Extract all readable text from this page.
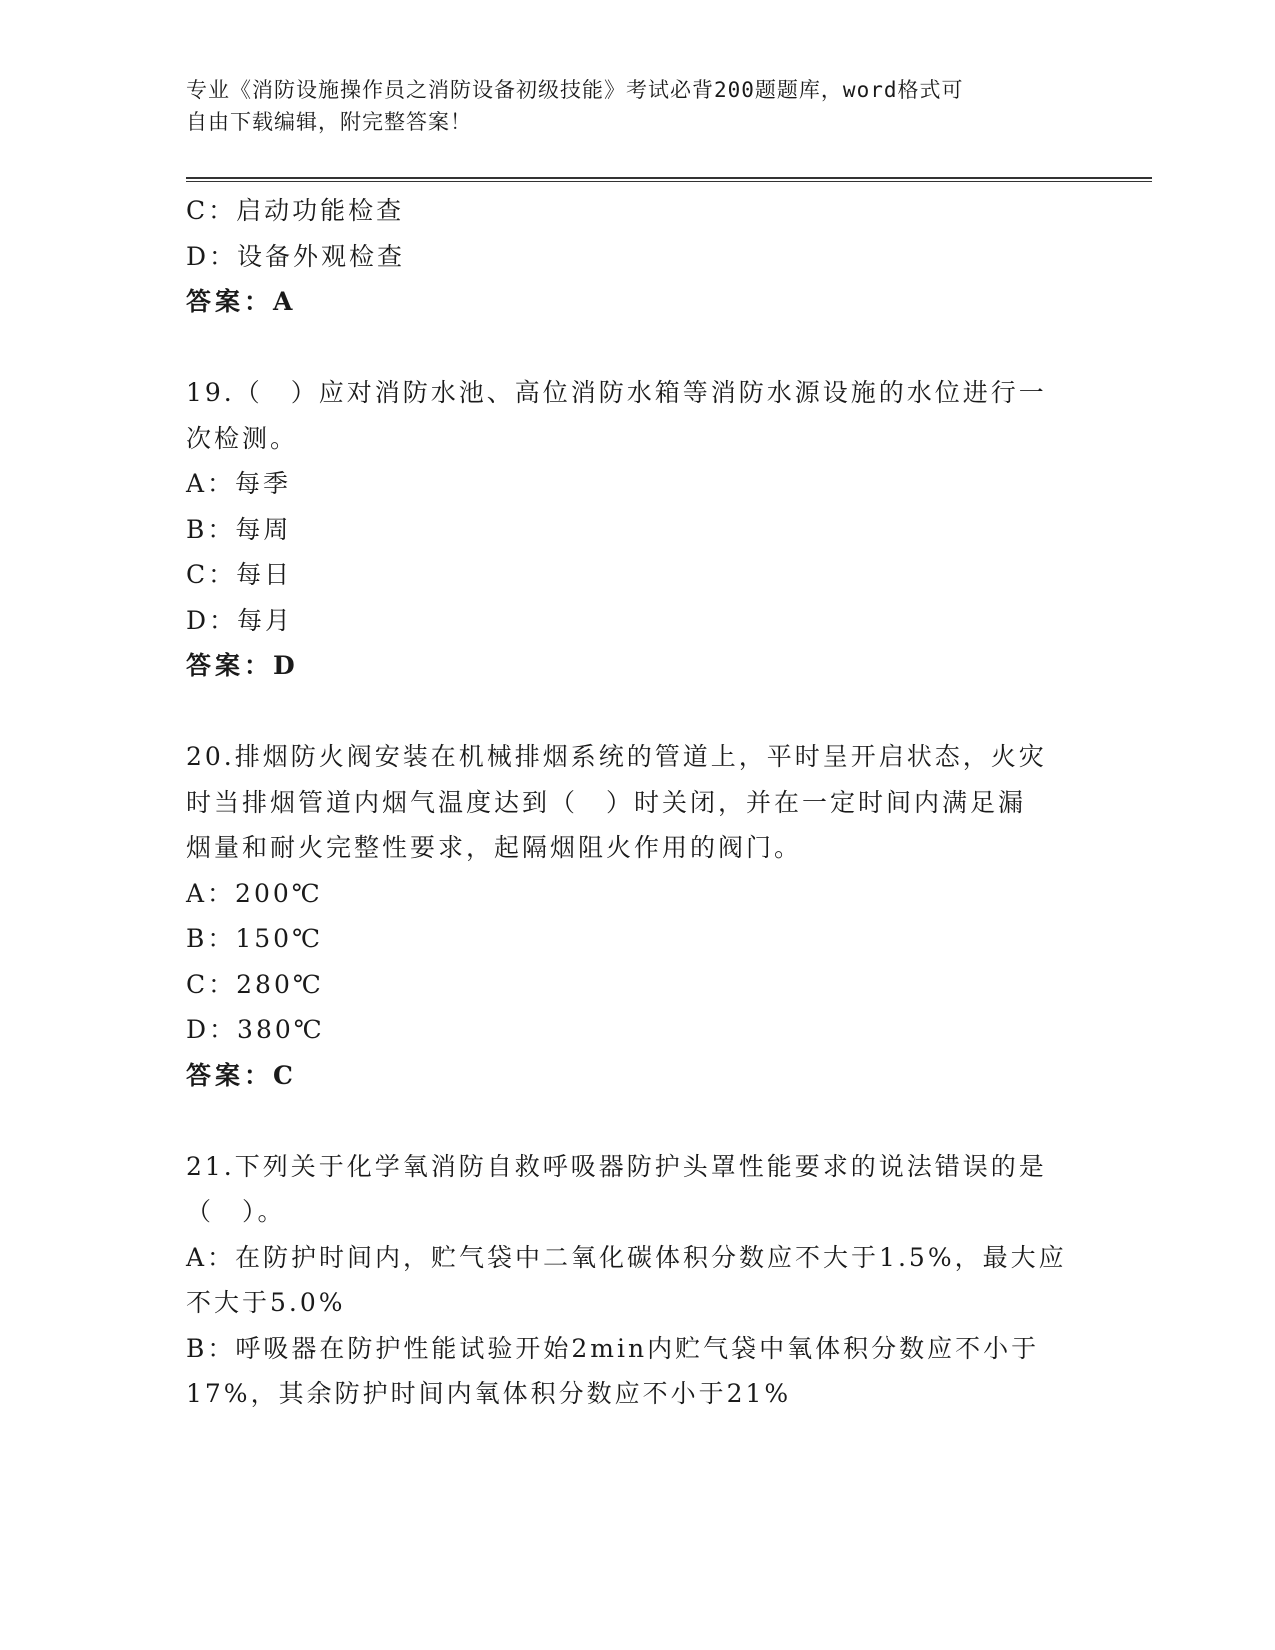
专业《消防设施操作员之消防设备初级技能》考试必背200题题库，word格式可
自由下载编辑，附完整答案！
C：启动功能检查
D：设备外观检查
答案：A
19.（　）应对消防水池、高位消防水箱等消防水源设施的水位进行一
次检测。
A：每季
B：每周
C：每日
D：每月
答案：D
20.排烟防火阀安装在机械排烟系统的管道上，平时呈开启状态，火灾
时当排烟管道内烟气温度达到（　）时关闭，并在一定时间内满足漏
烟量和耐火完整性要求，起隔烟阻火作用的阀门。
A：200℃
B：150℃
C：280℃
D：380℃
答案：C
21.下列关于化学氧消防自救呼吸器防护头罩性能要求的说法错误的是
（　）。
A：在防护时间内，贮气袋中二氧化碳体积分数应不大于1.5%，最大应
不大于5.0%
B：呼吸器在防护性能试验开始2min内贮气袋中氧体积分数应不小于
17%，其余防护时间内氧体积分数应不小于21%
